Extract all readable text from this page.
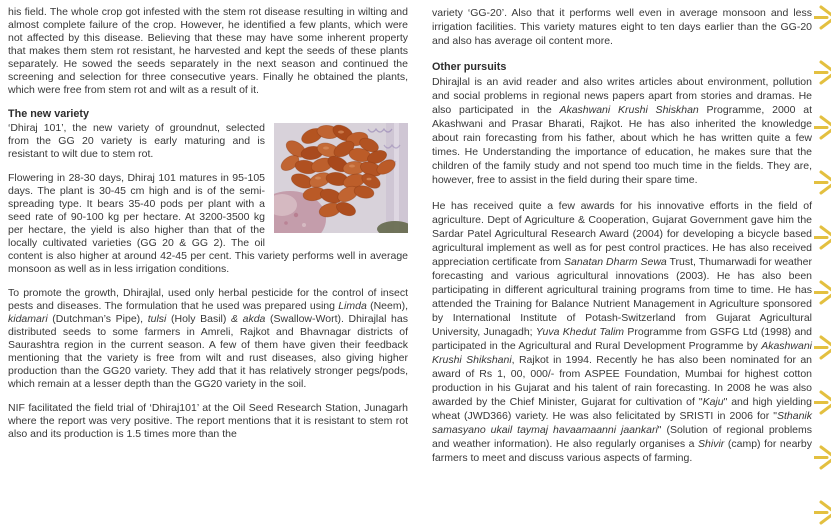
his field. The whole crop got infested with the stem rot disease resulting in wilting and almost complete failure of the crop. However, he identified a few plants, which were not affected by this disease. Believing that these may have some inherent property that makes them stem rot resistant, he harvested and kept the seeds of these plants separately. He sowed the seeds separately in the next season and continued the screening and selection for three consecutive years. Finally he obtained the plants, which were free from stem rot and wilt as a result of it.

The new variety

‘Dhiraj 101’, the new variety of groundnut, selected from the GG 20 variety is early maturing and is resistant to wilt due to stem rot.

Flowering in 28-30 days, Dhiraj 101 matures in 95-105 days. The plant is 30-45 cm high and is of the semi-spreading type. It bears 35-40 pods per plant with a seed rate of 90-100 kg per hectare. At 3200-3500 kg per hectare, the yield is also higher than that of the locally cultivated varieties (GG 20 & GG 2). The oil content is also higher at around 42-45 per cent. This variety performs well in average monsoon as well as in less irrigation conditions.

To promote the growth, Dhirajlal, used only herbal pesticide for the control of insect pests and diseases. The formulation that he used was prepared using Limda (Neem), kidamari (Dutchman’s Pipe), tulsi (Holy Basil) & akda (Swallow-Wort). Dhirajlal has distributed seeds to some farmers in Amreli, Rajkot and Bhavnagar districts of Saurashtra region in the current season. A few of them have given their feedback mentioning that the variety is free from wilt and rust diseases, also giving higher production than the GG20 variety. They add that it has relatively stronger pegs/pods, which remain at a lesser depth than the GG20 variety in the soil.

NIF facilitated the field trial of ‘Dhiraj101’ at the Oil Seed Research Station, Junagarh where the report was very positive. The report mentions that it is resistant to stem rot also and its production is 1.5 times more than the

variety ‘GG-20’. Also that it performs well even in average monsoon and less irrigation facilities. This variety matures eight to ten days earlier than the GG-20 and also has average oil content more.

Other pursuits

Dhirajlal is an avid reader and also writes articles about environment, pollution and social problems in regional news papers apart from stories and dramas. He also participated in the Akashwani Krushi Shiskhan Programme, 2000 at Akashwani and Prasar Bharati, Rajkot. He has also inherited the knowledge about rain forecasting from his father, about which he has written quite a few times. He Understanding the importance of education, he makes sure that the children of the family study and not spend too much time in the fields. They are, however, free to assist in the field during their spare time.

He has received quite a few awards for his innovative efforts in the field of agriculture. Dept of Agriculture & Cooperation, Gujarat Government gave him the Sardar Patel Agricultural Research Award (2004) for developing a bicycle based agricultural implement as well as for pest control practices. He has also received appreciation certificate from Sanatan Dharm Sewa Trust, Thumarwadi for weather forecasting and various agricultural innovations (2003). He has also been participating in different agricultural training programs from time to time. He has attended the Training for Balance Nutrient Management in Agriculture sponsored by International Institute of Potash-Switzerland from Gujarat Agricultural University, Junagadh; Yuva Khedut Talim Programme from GSFG Ltd (1998) and participated in the Agricultural and Rural Development Programme by Akashwani Krushi Shikshani, Rajkot in 1994. Recently he has also been nominated for an award of Rs 1, 00, 000/- from ASPEE Foundation, Mumbai for highest cotton production in his Gujarat and his talent of rain forecasting. In 2008 he was also awarded by the Chief Minister, Gujarat for cultivation of "Kaju" and high yielding wheat (JWD366) variety. He was also felicitated by SRISTI in 2006 for "Sthanik samasyano ukail taymaj havaamaanni jaankari" (Solution of regional problems and weather information). He also regularly organises a Shivir (camp) for nearby farmers to meet and discuss various aspects of farming.
